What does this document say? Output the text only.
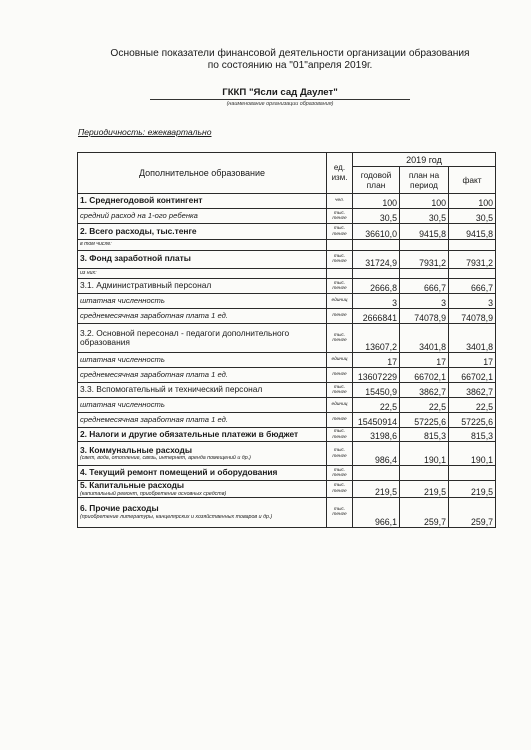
Основные показатели финансовой деятельности организации образования
по состоянию на "01"апреля 2019г.
ГККП "Ясли сад Даулет"
(наименование организации образования)
Периодичность: ежеквартально
Дополнительное образование	ед. изм.	2019 год		
		годовой план	план на период	факт
1. Среднегодовой контингент	чел.	100	100	100
средний расход на 1-ого ребенка	тыс. тенге	30,5	30,5	30,5
2. Всего расходы, тыс.тенге	тыс. тенге	36610,0	9415,8	9415,8
в том числе:				
3. Фонд заработной платы	тыс. тенге	31724,9	7931,2	7931,2
из них:				
3.1. Административный персонал	тыс. тенге	2666,8	666,7	666,7
штатная численность	единиц	3	3	3
среднемесячная заработная плата 1 ед.	тенге	2666841	74078,9	74078,9
3.2. Основной пересонал - педагоги дополнительного образования	тыс. тенге	13607,2	3401,8	3401,8
штатная численность	единиц	17	17	17
среднемесячная заработная плата 1 ед.	тенге	13607229	66702,1	66702,1
3.3. Вспомогательный и технический персонал	тыс. тенге	15450,9	3862,7	3862,7
штатная численность	единиц	22,5	22,5	22,5
среднемесячная заработная плата 1 ед.	тенге	15450914	57225,6	57225,6
2. Налоги и другие обязательные платежи в бюджет	тыс. тенге	3198,6	815,3	815,3
3. Коммунальные расходы
(свет, вода, отопление, связь, интернет, аренда помещений и др.)	тыс. тенге	986,4	190,1	190,1
4. Текущий ремонт помещений и оборудования	тыс. тенге			
5. Капитальные расходы
(капитальный ремонт, приобретение основных средств)	тыс. тенге	219,5	219,5	219,5
6. Прочие расходы
(приобретение литературы, канцелярских и хозяйственных товаров и др.)	тыс. тенге	966,1	259,7	259,7
